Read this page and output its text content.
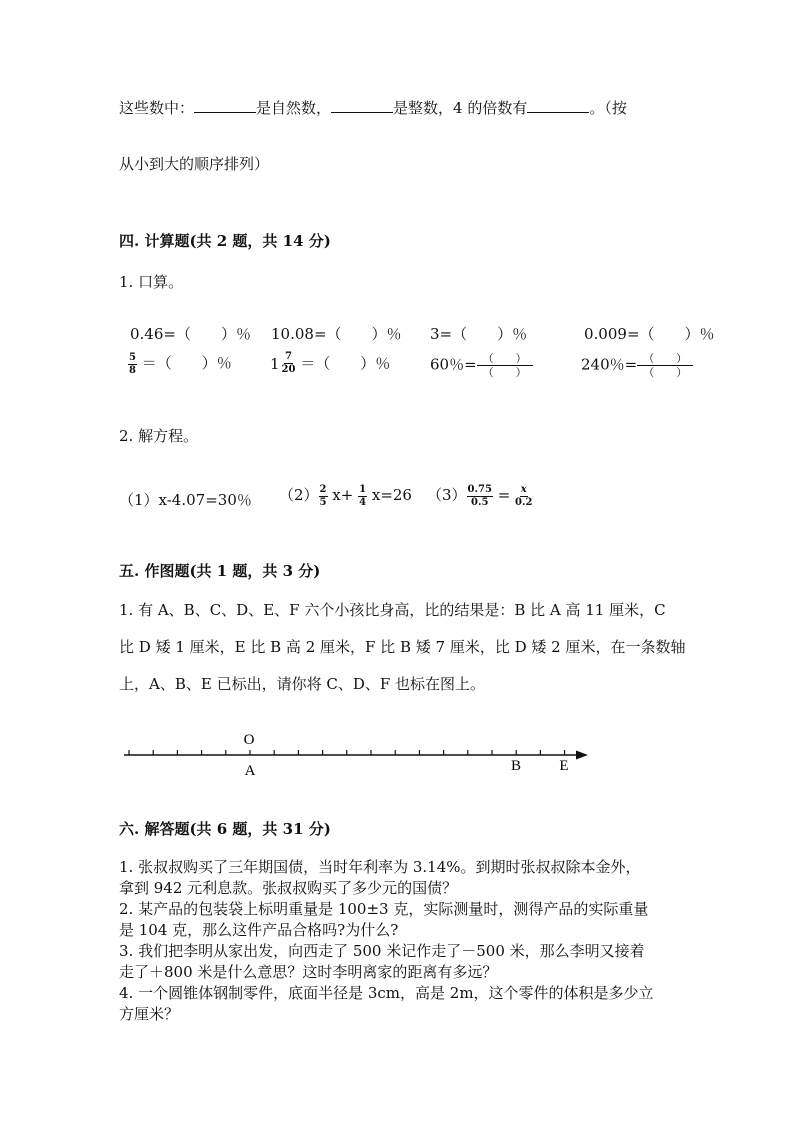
这些数中：	是自然数，	是整数，4 的倍数有	。（按
从小到大的顺序排列）
四. 计算题(共 2 题，共 14 分)
1. 口算。
0.46=（　　）％ 10.08=（　　）％ 3=（　　）％	0.009=（　　）％
$\frac{5}{8}$ ＝（　　）％	$1 \frac{7}{20}$ ＝（　　）％	60％= $\frac{( )}{( )}$	240％= $\frac{( )}{( )}$
2. 解方程。
（1）x-4.07=30％ $(2) \frac{2}{5} x+ \frac{1}{4} x=26$ $(3) \frac{0.75}{0.5} = \frac{x}{0.2}$
五. 作图题(共 1 题，共 3 分)
1. 有 A、B、C、D、E、F 六个小孩比身高，比的结果是：B 比 A 高 11 厘米，C
比 D 矮 1 厘米，E 比 B 高 2 厘米，F 比 B 矮 7 厘米，比 D 矮 2 厘米，在一条数轴
上，A、B、E 已标出，请你将 C、D、F 也标在图上。
O
A	B	E
六. 解答题(共 6 题，共 31 分)

1. 张叔叔购买了三年期国债，当时年利率为 3.14%。到期时张叔叔除本金外，

拿到 942 元利息款。张叔叔购买了多少元的国债？

2. 某产品的包装袋上标明重量是 100±3 克，实际测量时，测得产品的实际重量

是 104 克，那么这件产品合格吗?为什么?

3. 我们把李明从家出发，向西走了 500 米记作走了－500 米，那么李明又接着

走了＋800 米是什么意思？这时李明离家的距离有多远？

4. 一个圆锥体钢制零件，底面半径是 3cm，高是 2m，这个零件的体积是多少立

方厘米？
